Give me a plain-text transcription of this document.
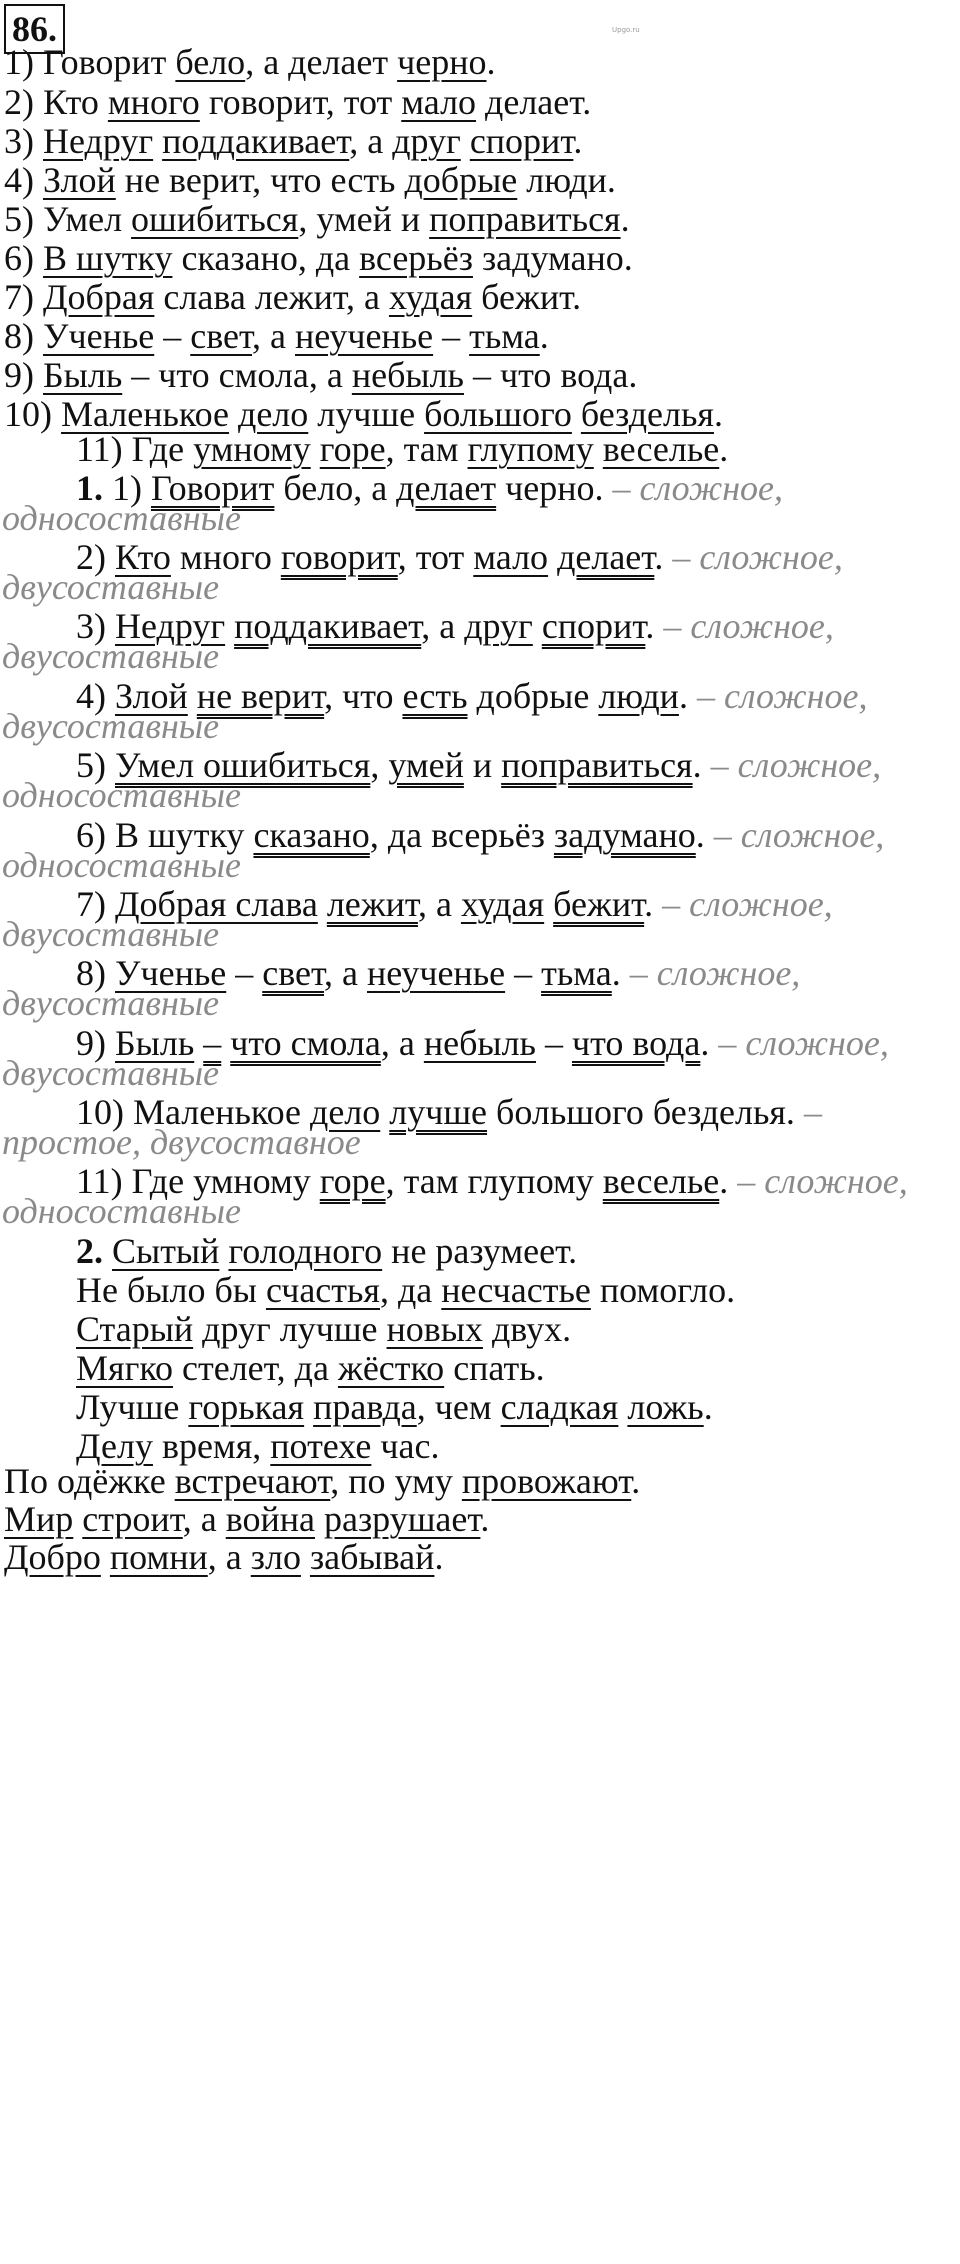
86.	Upgo.ru
1) Говорит бело, а делает черно.
2) Кто много говорит, тот мало делает.
3) Недруг поддакивает, а друг спорит.
4) Злой не верит, что есть добрые люди.
5) Умел ошибиться, умей и поправиться.
6) В шутку сказано, да всерьёз задумано.
7) Добрая слава лежит, а худая бежит.
8) Ученье – свет, а неученье – тьма.
9) Быль – что смола, а небыль – что вода.
10) Маленькое дело лучше большого безделья.
11) Где умному горе, там глупому веселье.
1. 1) Говорит бело, а делает черно. – сложное,
односоставные
2) Кто много говорит, тот мало делает. – сложное,
двусоставные
3) Недруг поддакивает, а друг спорит. – сложное,
двусоставные
4) Злой не верит, что есть добрые люди. – сложное,
двусоставные
5) Умел ошибиться, умей и поправиться. – сложное,
односоставные
6) В шутку сказано, да всерьёз задумано. – сложное,
односоставные
7) Добрая слава лежит, а худая бежит. – сложное,
двусоставные
8) Ученье – свет, а неученье – тьма. – сложное,
двусоставные
9) Быль – что смола, а небыль – что вода. – сложное,
двусоставные
10) Маленькое дело лучше большого безделья. –
простое, двусоставное
11) Где умному горе, там глупому веселье. – сложное,
односоставные
2. Сытый голодного не разумеет.
Не было бы счастья, да несчастье помогло.
Старый друг лучше новых двух.
Мягко стелет, да жёстко спать.
Лучше горькая правда, чем сладкая ложь.
Делу время, потехе час.
По одёжке встречают, по уму провожают.
Мир строит, а война разрушает.
Добро помни, а зло забывай.
